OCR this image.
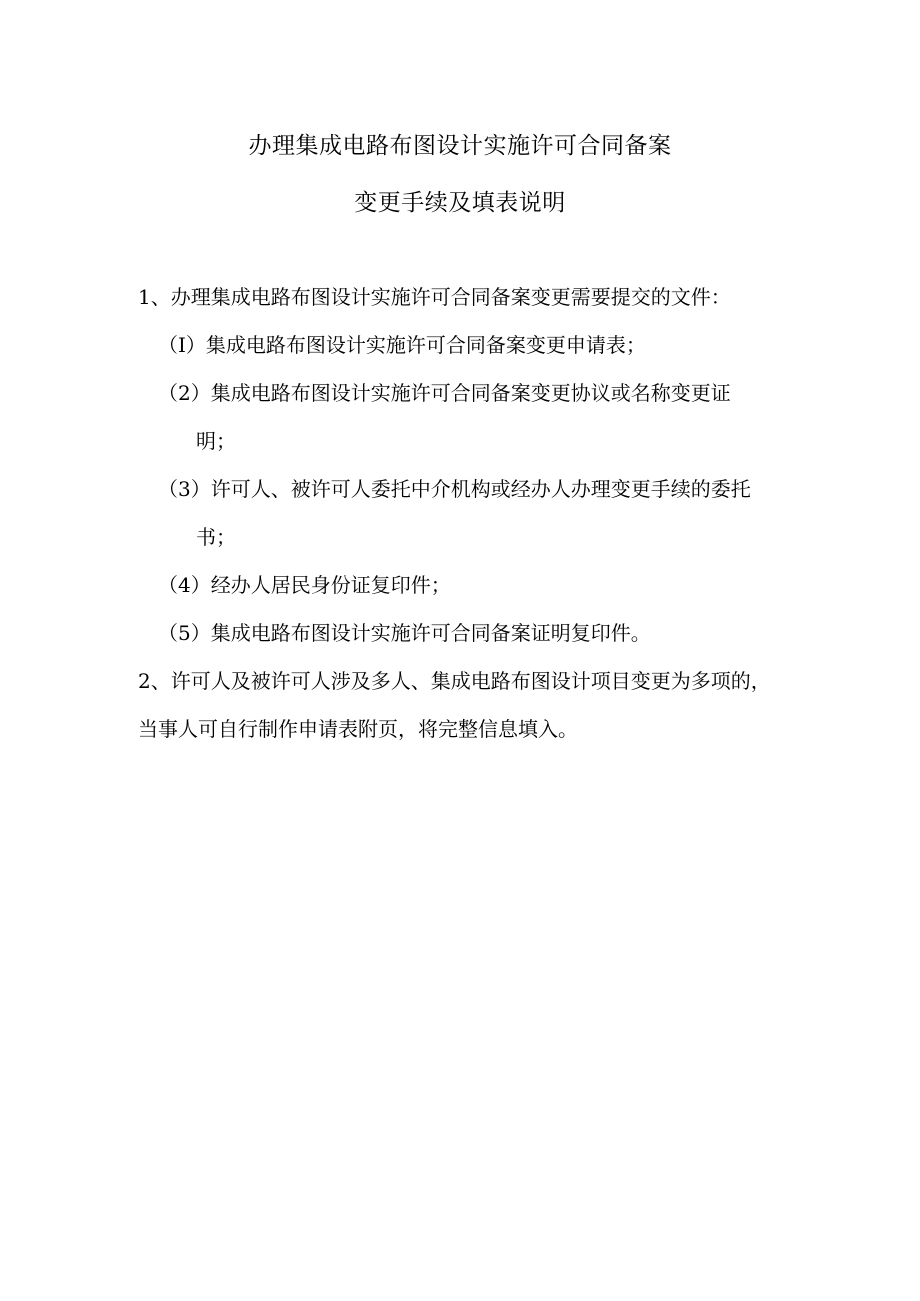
办理集成电路布图设计实施许可合同备案
变更手续及填表说明
1、办理集成电路布图设计实施许可合同备案变更需要提交的文件：
（I）集成电路布图设计实施许可合同备案变更申请表；
（2）集成电路布图设计实施许可合同备案变更协议或名称变更证
明；
（3）许可人、被许可人委托中介机构或经办人办理变更手续的委托
书；
（4）经办人居民身份证复印件；
（5）集成电路布图设计实施许可合同备案证明复印件。
2、许可人及被许可人涉及多人、集成电路布图设计项目变更为多项的，
当事人可自行制作申请表附页，将完整信息填入。
